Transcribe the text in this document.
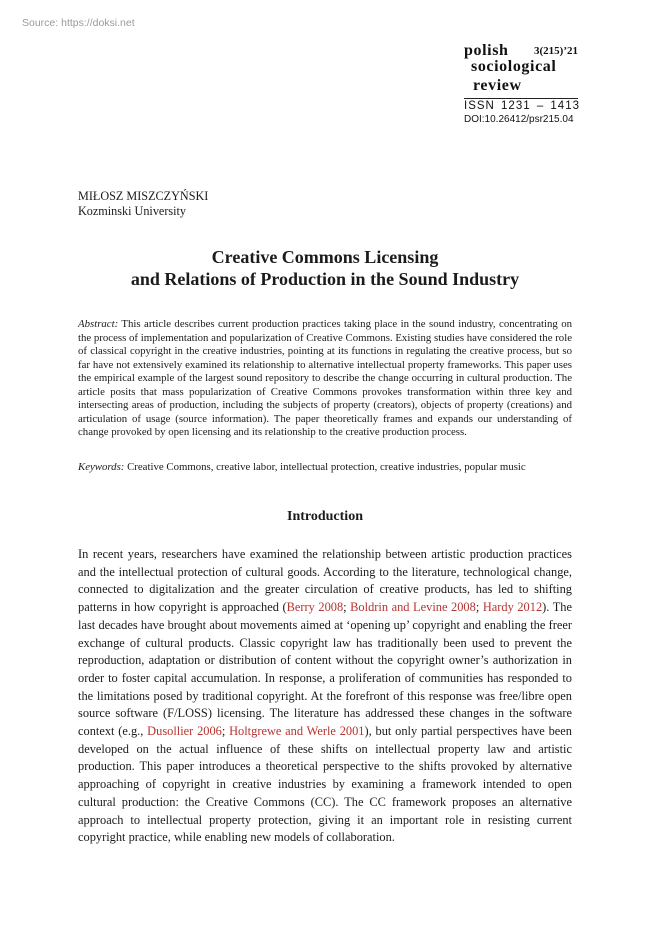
Source: https://doksi.net
polish 3(215)’21
sociological
review
ISSN 1231 – 1413
DOI:10.26412/psr215.04
MIŁOSZ MISZCZYŃSKI
Kozminski University
Creative Commons Licensing
and Relations of Production in the Sound Industry

Abstract: This article describes current production practices taking place in the sound industry, concentrating on the process of implementation and popularization of Creative Commons. Existing studies have considered the role of classical copyright in the creative industries, pointing at its functions in regulating the creative process, but so far have not extensively examined its relationship to alternative intellectual property frameworks. This paper uses the empirical example of the largest sound repository to describe the change occurring in cultural production. The article posits that mass popularization of Creative Commons provokes transformation within three key and intersecting areas of production, including the subjects of property (creators), objects of property (creations) and articulation of usage (source information). The paper theoretically frames and expands our understanding of change provoked by open licensing and its relationship to the creative production process.

Keywords: Creative Commons, creative labor, intellectual protection, creative industries, popular music

Introduction

In recent years, researchers have examined the relationship between artistic production practices and the intellectual protection of cultural goods. According to the literature, technological change, connected to digitalization and the greater circulation of creative products, has led to shifting patterns in how copyright is approached (Berry 2008; Boldrin and Levine 2008; Hardy 2012). The last decades have brought about movements aimed at ‘opening up’ copyright and enabling the freer exchange of cultural products. Classic copyright law has traditionally been used to prevent the reproduction, adaptation or distribution of content without the copyright owner’s authorization in order to foster capital accumulation. In response, a proliferation of communities has responded to the limitations posed by traditional copyright. At the forefront of this response was free/libre open source software (F/LOSS) licensing. The literature has addressed these changes in the software context (e.g., Dusollier 2006; Holtgrewe and Werle 2001), but only partial perspectives have been developed on the actual influence of these shifts on intellectual property law and artistic production. This paper introduces a theoretical perspective to the shifts provoked by alternative approaching of copyright in creative industries by examining a framework intended to open cultural production: the Creative Commons (CC). The CC framework proposes an alternative approach to intellectual property protection, giving it an important role in resisting current copyright practice, while enabling new models of collaboration.
